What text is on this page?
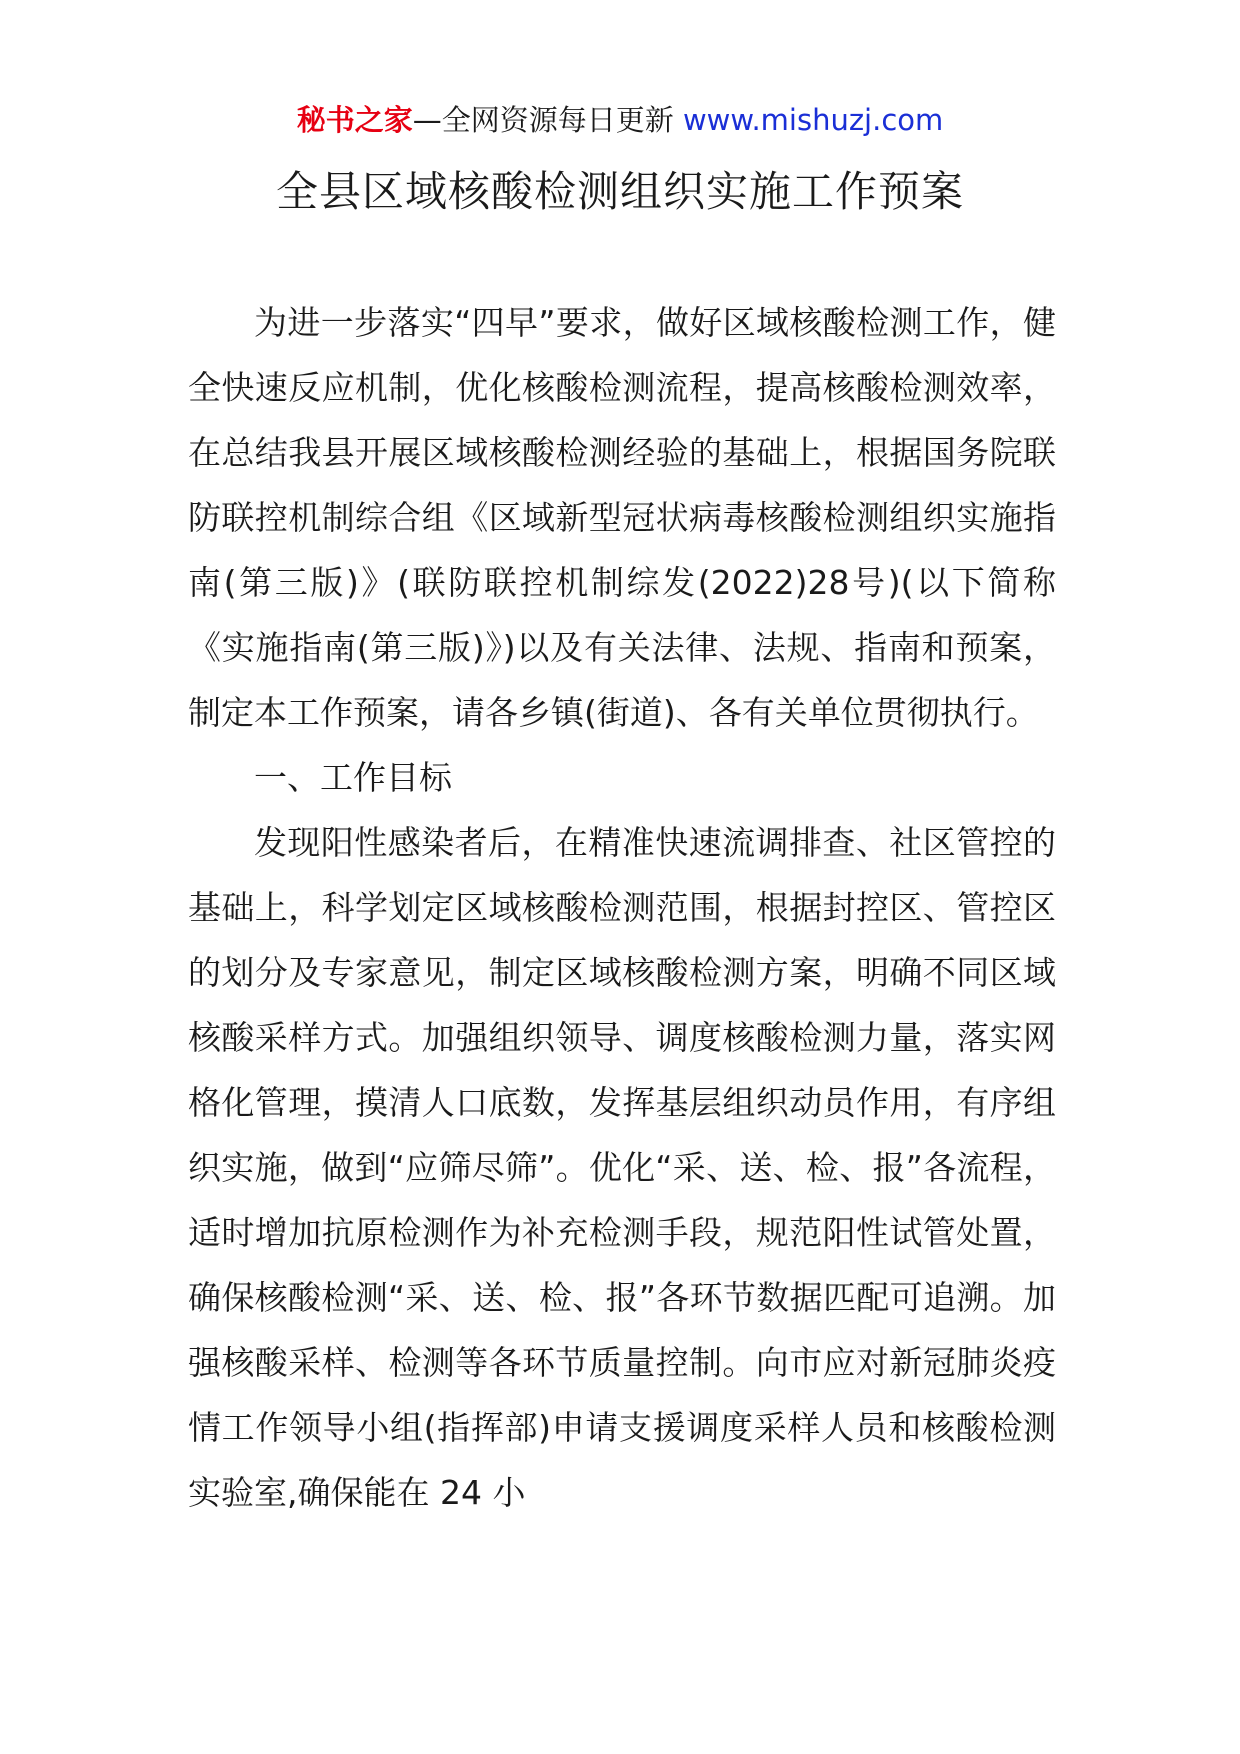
秘书之家—全网资源每日更新 www.mishuzj.com
全县区域核酸检测组织实施工作预案

为进一步落实“四早”要求，做好区域核酸检测工作，健全快速反应机制，优化核酸检测流程，提高核酸检测效率，在总结我县开展区域核酸检测经验的基础上，根据国务院联防联控机制综合组《区域新型冠状病毒核酸检测组织实施指南(第三版)》(联防联控机制综发(2022)28号)(以下简称《实施指南(第三版)》)以及有关法律、法规、指南和预案，制定本工作预案，请各乡镇(街道)、各有关单位贯彻执行。

一、工作目标

发现阳性感染者后，在精准快速流调排查、社区管控的基础上，科学划定区域核酸检测范围，根据封控区、管控区的划分及专家意见，制定区域核酸检测方案，明确不同区域核酸采样方式。加强组织领导、调度核酸检测力量，落实网格化管理，摸清人口底数，发挥基层组织动员作用，有序组织实施，做到“应筛尽筛”。优化“采、送、检、报”各流程，适时增加抗原检测作为补充检测手段，规范阳性试管处置，确保核酸检测“采、送、检、报”各环节数据匹配可追溯。加强核酸采样、检测等各环节质量控制。向市应对新冠肺炎疫情工作领导小组(指挥部)申请支援调度采样人员和核酸检测实验室,确保能在 24 小
